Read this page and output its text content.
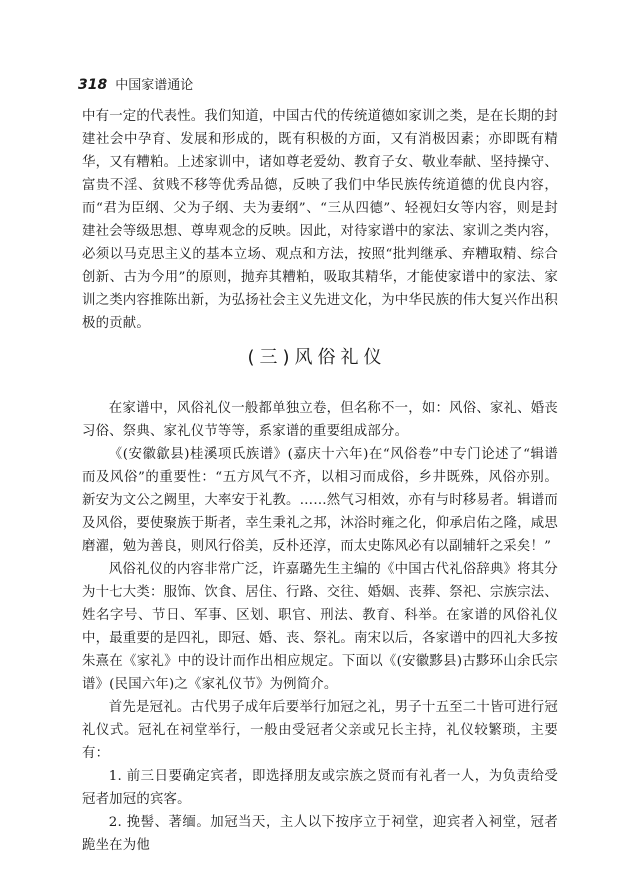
318 中国家谱通论

中有一定的代表性。我们知道，中国古代的传统道德如家训之类，是在长期的封建社会中孕育、发展和形成的，既有积极的方面，又有消极因素；亦即既有精华，又有糟粕。上述家训中，诸如尊老爱幼、教育子女、敬业奉献、坚持操守、富贵不淫、贫贱不移等优秀品德，反映了我们中华民族传统道德的优良内容，而“君为臣纲、父为子纲、夫为妻纲”、“三从四德”、轻视妇女等内容，则是封建社会等级思想、尊卑观念的反映。因此，对待家谱中的家法、家训之类内容，必须以马克思主义的基本立场、观点和方法，按照“批判继承、弃糟取精、综合创新、古为今用”的原则，抛弃其糟粕，吸取其精华，才能使家谱中的家法、家训之类内容推陈出新，为弘扬社会主义先进文化，为中华民族的伟大复兴作出积极的贡献。

(三)风俗礼仪

在家谱中，风俗礼仪一般都单独立卷，但名称不一，如：风俗、家礼、婚丧习俗、祭典、家礼仪节等等，系家谱的重要组成部分。

《(安徽歙县)桂溪项氏族谱》(嘉庆十六年)在“风俗卷”中专门论述了“辑谱而及风俗”的重要性：“五方风气不齐，以相习而成俗，乡井既殊，风俗亦别。新安为文公之阙里，大率安于礼教。……然气习相效，亦有与时移易者。辑谱而及风俗，要使聚族于斯者，幸生秉礼之邦，沐浴时雍之化，仰承启佑之隆，咸思磨濯，勉为善良，则风行俗美，反朴还淳，而太史陈风必有以副辅轩之采矣！”

风俗礼仪的内容非常广泛，许嘉璐先生主编的《中国古代礼俗辞典》将其分为十七大类：服饰、饮食、居住、行路、交往、婚姻、丧葬、祭祀、宗族宗法、姓名字号、节日、军事、区划、职官、刑法、教育、科举。在家谱的风俗礼仪中，最重要的是四礼，即冠、婚、丧、祭礼。南宋以后，各家谱中的四礼大多按朱熹在《家礼》中的设计而作出相应规定。下面以《(安徽黟县)古黟环山余氏宗谱》(民国六年)之《家礼仪节》为例简介。

首先是冠礼。古代男子成年后要举行加冠之礼，男子十五至二十皆可进行冠礼仪式。冠礼在祠堂举行，一般由受冠者父亲或兄长主持，礼仪较繁琐，主要有：

1. 前三日要确定宾者，即选择朋友或宗族之贤而有礼者一人，为负责给受冠者加冠的宾客。

2. 挽髻、著缅。加冠当天，主人以下按序立于祠堂，迎宾者入祠堂，冠者跪坐在为他
